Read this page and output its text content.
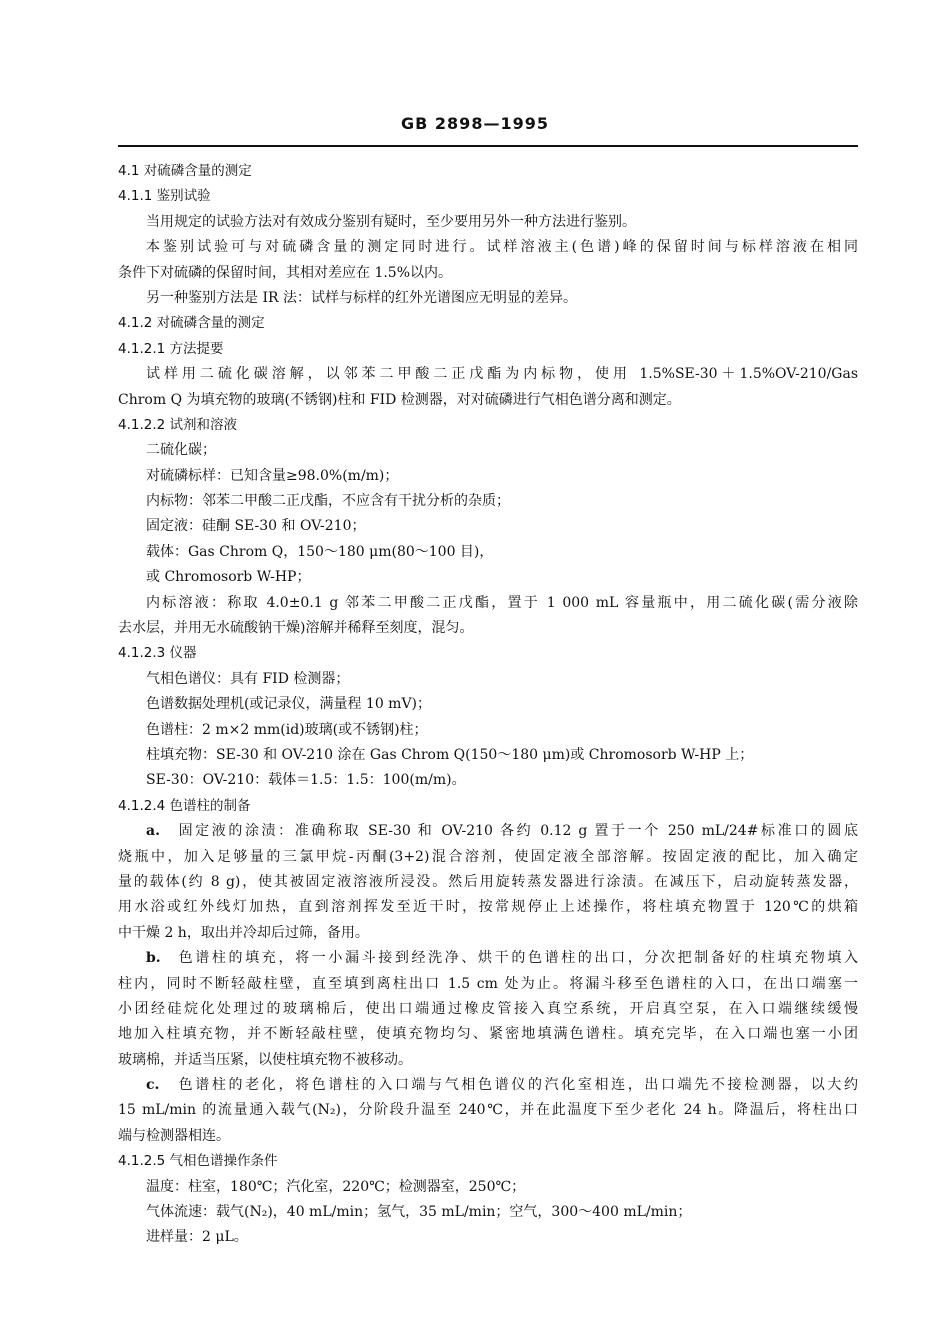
GB 2898—1995
4.1 对硫磷含量的测定
4.1.1 鉴别试验
当用规定的试验方法对有效成分鉴别有疑时，至少要用另外一种方法进行鉴别。
本鉴别试验可与对硫磷含量的测定同时进行。试样溶液主(色谱)峰的保留时间与标样溶液在相同
条件下对硫磷的保留时间，其相对差应在 1.5%以内。
另一种鉴别方法是 IR 法：试样与标样的红外光谱图应无明显的差异。
4.1.2 对硫磷含量的测定
4.1.2.1 方法提要
试样用二硫化碳溶解，以邻苯二甲酸二正戊酯为内标物，使用 1.5%SE-30＋1.5%OV-210/Gas
Chrom Q 为填充物的玻璃(不锈钢)柱和 FID 检测器，对对硫磷进行气相色谱分离和测定。
4.1.2.2 试剂和溶液
二硫化碳；
对硫磷标样：已知含量≥98.0%(m/m)；
内标物：邻苯二甲酸二正戊酯，不应含有干扰分析的杂质；
固定液：硅酮 SE-30 和 OV-210；
载体：Gas Chrom Q，150～180 μm(80～100 目)，
或 Chromosorb W-HP；
内标溶液：称取 4.0±0.1 g 邻苯二甲酸二正戊酯，置于 1 000 mL 容量瓶中，用二硫化碳(需分液除
去水层，并用无水硫酸钠干燥)溶解并稀释至刻度，混匀。
4.1.2.3 仪器
气相色谱仪：具有 FID 检测器；
色谱数据处理机(或记录仪，满量程 10 mV)；
色谱柱：2 m×2 mm(id)玻璃(或不锈钢)柱；
柱填充物：SE-30 和 OV-210 涂在 Gas Chrom Q(150～180 μm)或 Chromosorb W-HP 上；
SE-30：OV-210：载体＝1.5：1.5：100(m/m)。
4.1.2.4 色谱柱的制备
a. 固定液的涂渍：准确称取 SE-30 和 OV-210 各约 0.12 g 置于一个 250 mL/24#标准口的圆底
烧瓶中，加入足够量的三氯甲烷-丙酮(3+2)混合溶剂，使固定液全部溶解。按固定液的配比，加入确定
量的载体(约 8 g)，使其被固定液溶液所浸没。然后用旋转蒸发器进行涂渍。在减压下，启动旋转蒸发器，
用水浴或红外线灯加热，直到溶剂挥发至近干时，按常规停止上述操作，将柱填充物置于 120℃的烘箱
中干燥 2 h，取出并冷却后过筛，备用。
b. 色谱柱的填充，将一小漏斗接到经洗净、烘干的色谱柱的出口，分次把制备好的柱填充物填入
柱内，同时不断轻敲柱壁，直至填到离柱出口 1.5 cm 处为止。将漏斗移至色谱柱的入口，在出口端塞一
小团经硅烷化处理过的玻璃棉后，使出口端通过橡皮管接入真空系统，开启真空泵，在入口端继续缓慢
地加入柱填充物，并不断轻敲柱壁，使填充物均匀、紧密地填满色谱柱。填充完毕，在入口端也塞一小团
玻璃棉，并适当压紧，以使柱填充物不被移动。
c. 色谱柱的老化，将色谱柱的入口端与气相色谱仪的汽化室相连，出口端先不接检测器，以大约
15 mL/min 的流量通入载气(N₂)，分阶段升温至 240℃，并在此温度下至少老化 24 h。降温后，将柱出口
端与检测器相连。
4.1.2.5 气相色谱操作条件
温度：柱室，180℃；汽化室，220℃；检测器室，250℃；
气体流速：载气(N₂)，40 mL/min；氢气，35 mL/min；空气，300～400 mL/min；
进样量：2 μL。
